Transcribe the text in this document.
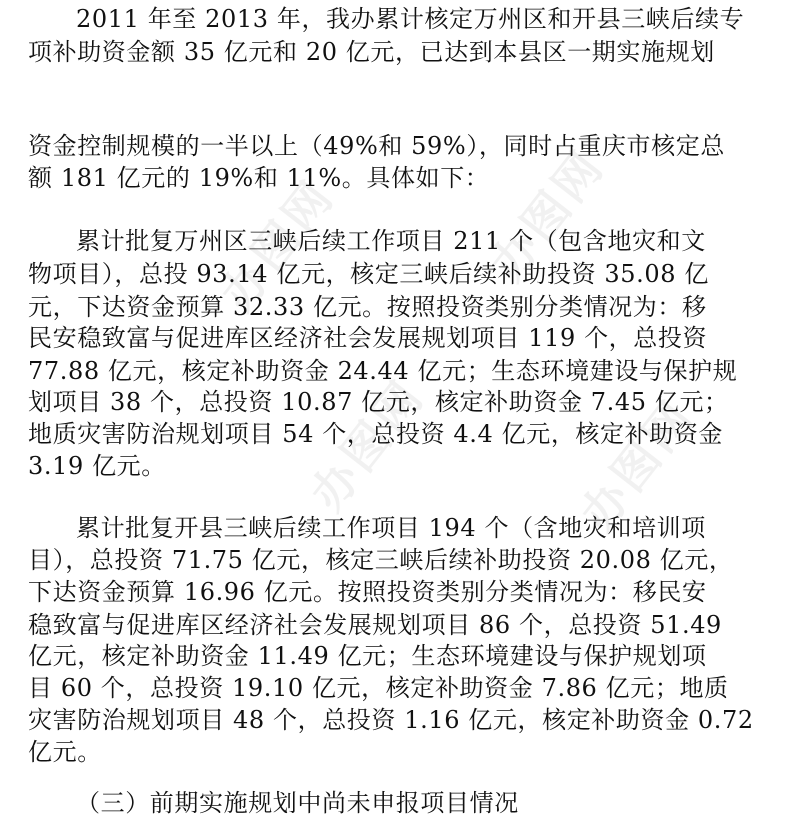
办图网	办图网
办图网	办图网
2011 年至 2013 年，我办累计核定万州区和开县三峡后续专
项补助资金额 35 亿元和 20 亿元，已达到本县区一期实施规划
资金控制规模的一半以上（49%和 59%），同时占重庆市核定总
额 181 亿元的 19%和 11%。具体如下：
累计批复万州区三峡后续工作项目 211 个（包含地灾和文
物项目），总投 93.14 亿元，核定三峡后续补助投资 35.08 亿
元，下达资金预算 32.33 亿元。按照投资类别分类情况为：移
民安稳致富与促进库区经济社会发展规划项目 119 个，总投资
77.88 亿元，核定补助资金 24.44 亿元；生态环境建设与保护规
划项目 38 个，总投资 10.87 亿元，核定补助资金 7.45 亿元；
地质灾害防治规划项目 54 个，总投资 4.4 亿元，核定补助资金
3.19 亿元。
累计批复开县三峡后续工作项目 194 个（含地灾和培训项
目），总投资 71.75 亿元，核定三峡后续补助投资 20.08 亿元，
下达资金预算 16.96 亿元。按照投资类别分类情况为：移民安
稳致富与促进库区经济社会发展规划项目 86 个，总投资 51.49
亿元，核定补助资金 11.49 亿元；生态环境建设与保护规划项
目 60 个，总投资 19.10 亿元，核定补助资金 7.86 亿元；地质
灾害防治规划项目 48 个，总投资 1.16 亿元，核定补助资金 0.72
亿元。
（三）前期实施规划中尚未申报项目情况
